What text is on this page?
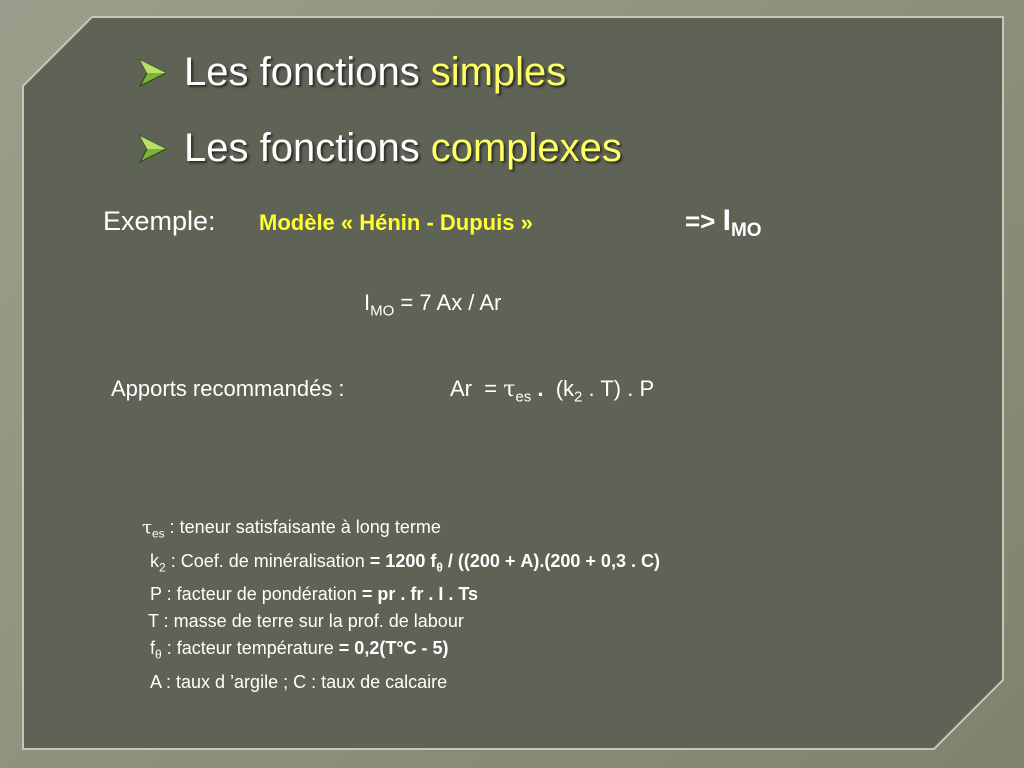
Les fonctions simples
Les fonctions complexes
Exemple: Modèle « Hénin - Dupuis »	=> $I_{MO}$
$I_{MO} = 7$ Ax / Ar
Apports recommandés :	$Ar = \tau_{es}$ . ($k_2$ . T) . P
$\tau_{es}$ : teneur satisfaisante à long terme
$k_2$ : Coef. de minéralisation = 1200 $f_\theta / ((200 + A).(200 + 0,3$ . C)
P : facteur de pondération = pr . fr . I . Ts
T : masse de terre sur la prof. de labour
$f_\theta$ : facteur température = 0,2(T°C - 5)
A : taux d ’argile ; C : taux de calcaire
